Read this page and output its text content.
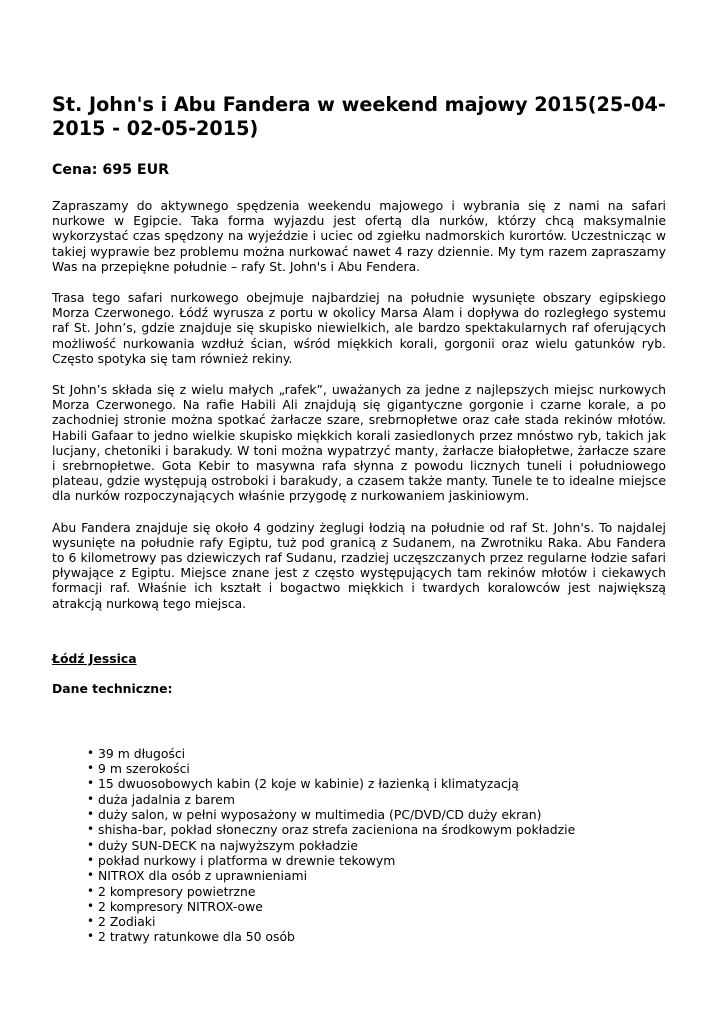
St. John's i Abu Fandera w weekend majowy 2015(25-04-2015 - 02-05-2015)
Cena: 695 EUR

Zapraszamy do aktywnego spędzenia weekendu majowego i wybrania się z nami na safari nurkowe w Egipcie. Taka forma wyjazdu jest ofertą dla nurków, którzy chcą maksymalnie wykorzystać czas spędzony na wyjeździe i uciec od zgiełku nadmorskich kurortów. Uczestnicząc w takiej wyprawie bez problemu można nurkować nawet 4 razy dziennie. My tym razem zapraszamy Was na przepiękne południe – rafy St. John's i Abu Fendera.

Trasa tego safari nurkowego obejmuje najbardziej na południe wysunięte obszary egipskiego Morza Czerwonego. Łódź wyrusza z portu w okolicy Marsa Alam i dopływa do rozległego systemu raf St. John’s, gdzie znajduje się skupisko niewielkich, ale bardzo spektakularnych raf oferujących możliwość nurkowania wzdłuż ścian, wśród miękkich korali, gorgonii oraz wielu gatunków ryb. Często spotyka się tam również rekiny.

St John’s składa się z wielu małych „rafek”, uważanych za jedne z najlepszych miejsc nurkowych Morza Czerwonego. Na rafie Habili Ali znajdują się gigantyczne gorgonie i czarne korale, a po zachodniej stronie można spotkać żarłacze szare, srebrnopłetwe oraz całe stada rekinów młotów. Habili Gafaar to jedno wielkie skupisko miękkich korali zasiedlonych przez mnóstwo ryb, takich jak lucjany, chetoniki i barakudy. W toni można wypatrzyć manty, żarłacze białopłetwe, żarłacze szare i srebrnopłetwe. Gota Kebir to masywna rafa słynna z powodu licznych tuneli i południowego plateau, gdzie występują ostroboki i barakudy, a czasem także manty. Tunele te to idealne miejsce dla nurków rozpoczynających właśnie przygodę z nurkowaniem jaskiniowym.

Abu Fandera znajduje się około 4 godziny żeglugi łodzią na południe od raf St. John's. To najdalej wysunięte na południe rafy Egiptu, tuż pod granicą z Sudanem, na Zwrotniku Raka. Abu Fandera to 6 kilometrowy pas dziewiczych raf Sudanu, rzadziej uczęszczanych przez regularne łodzie safari pływające z Egiptu. Miejsce znane jest z często występujących tam rekinów młotów i ciekawych formacji raf. Właśnie ich kształt i bogactwo miękkich i twardych koralowców jest największą atrakcją nurkową tego miejsca.

Łódź Jessica

Dane techniczne:

• 39 m długości
• 9 m szerokości
• 15 dwuosobowych kabin (2 koje w kabinie) z łazienką i klimatyzacją
• duża jadalnia z barem
• duży salon, w pełni wyposażony w multimedia (PC/DVD/CD duży ekran)
• shisha-bar, pokład słoneczny oraz strefa zacieniona na środkowym pokładzie
• duży SUN-DECK na najwyższym pokładzie
• pokład nurkowy i platforma w drewnie tekowym
• NITROX dla osób z uprawnieniami
• 2 kompresory powietrzne
• 2 kompresory NITROX-owe
• 2 Zodiaki
• 2 tratwy ratunkowe dla 50 osób
